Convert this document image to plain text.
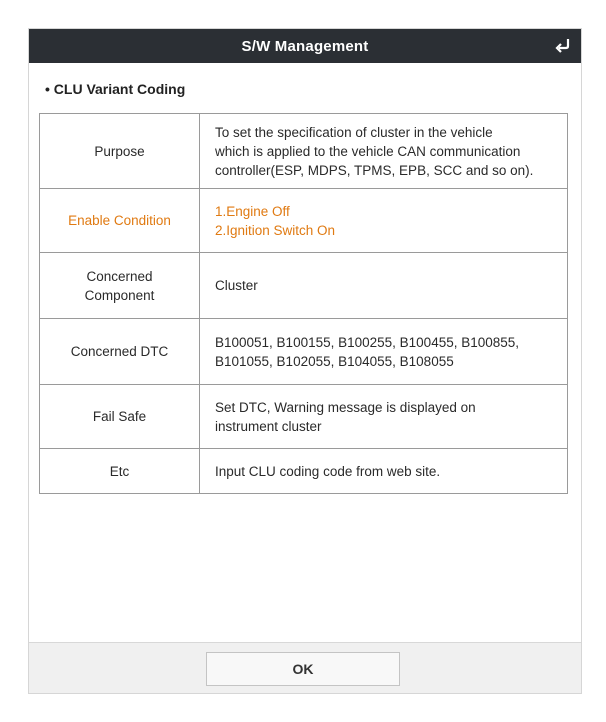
S/W Management
• CLU Variant Coding
Purpose	To set the specification of cluster in the vehicle
which is applied to the vehicle CAN communication
controller(ESP, MDPS, TPMS, EPB, SCC and so on).

Enable Condition	1.Engine Off
2.Ignition Switch On

Concerned
Component	Cluster
Concerned DTC	B100051, B100155, B100255, B100455, B100855,
B101055, B102055, B104055, B108055

Fail Safe	Set DTC, Warning message is displayed on
instrument cluster

Etc	Input CLU coding code from web site.
OK
